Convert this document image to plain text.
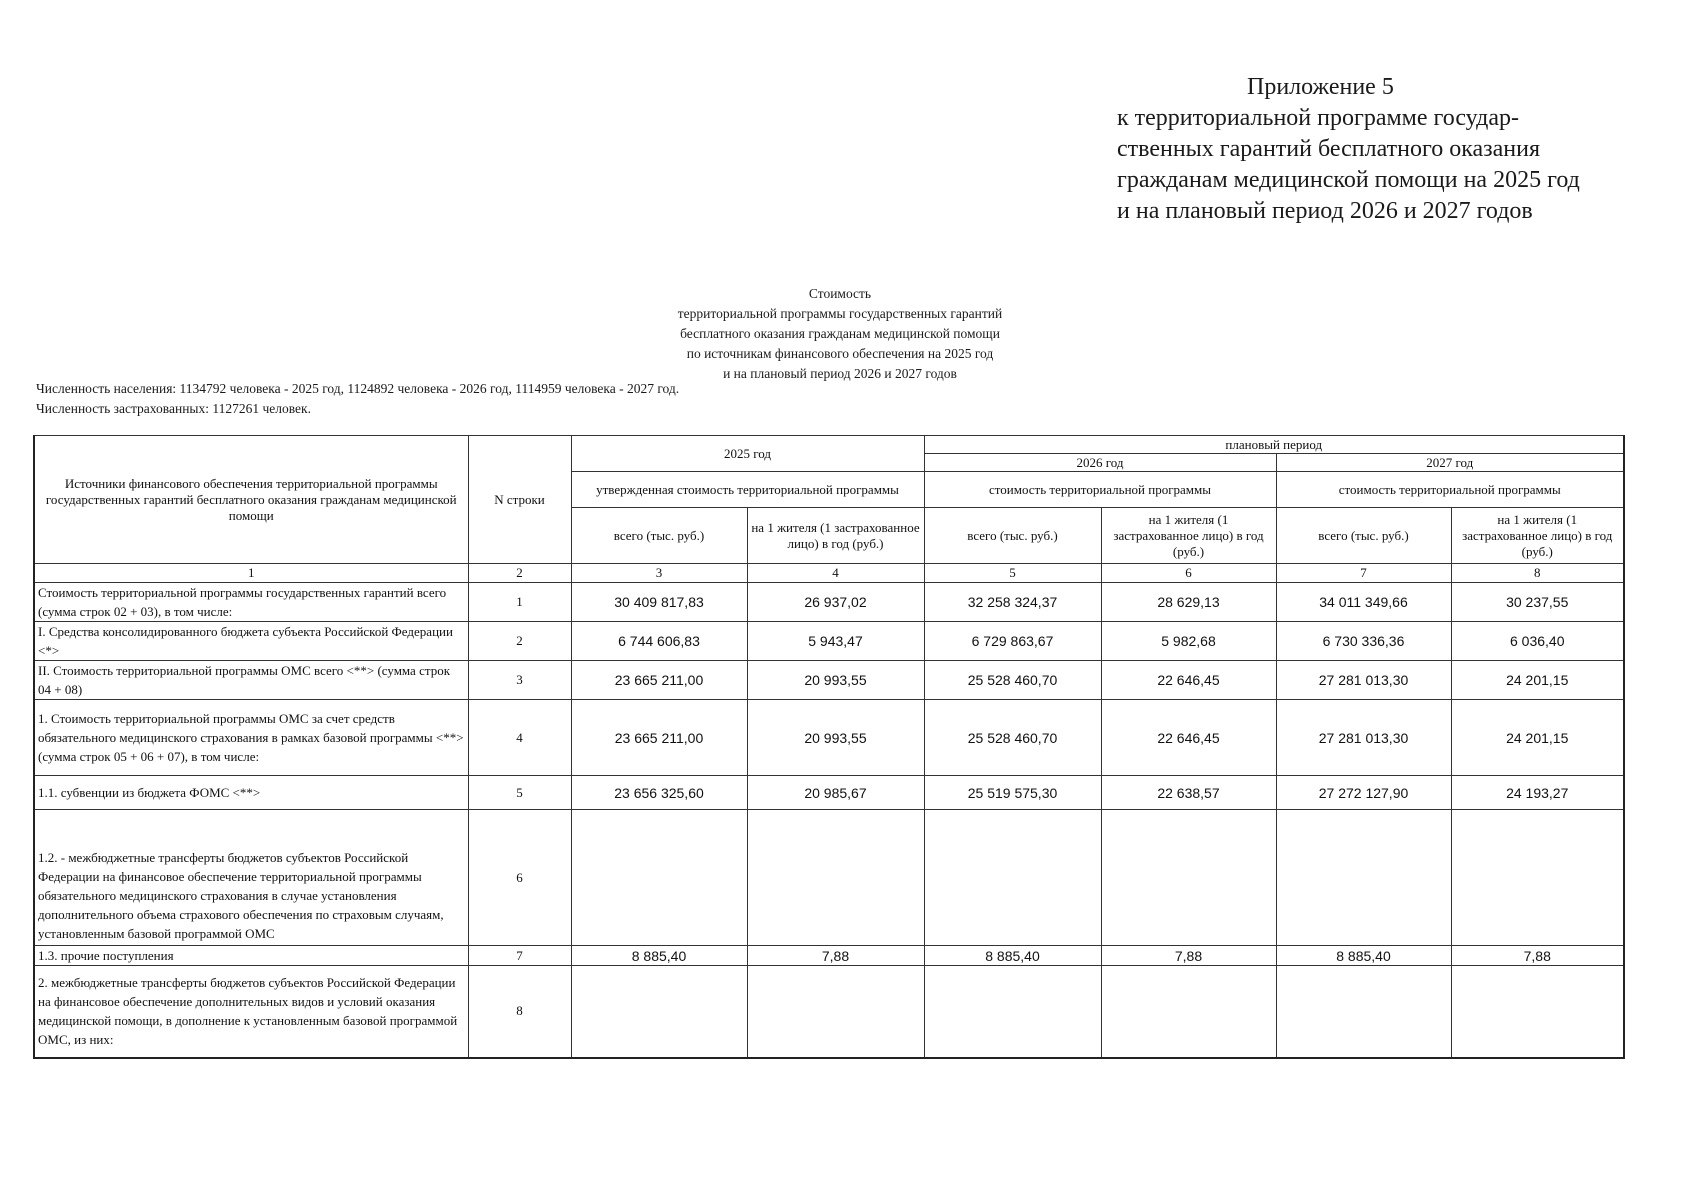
Приложение 5
к территориальной программе государ-
ственных гарантий бесплатного оказания
гражданам медицинской помощи на 2025 год
и на плановый период 2026 и 2027 годов
Стоимость
территориальной программы государственных гарантий
бесплатного оказания гражданам медицинской помощи
по источникам финансового обеспечения на 2025 год
и на плановый период 2026 и 2027 годов
Численность населения: 1134792 человека - 2025 год, 1124892 человека - 2026 год, 1114959 человека - 2027 год.
Численность застрахованных: 1127261 человек.
Источники финансового обеспечения территориальной программы государственных гарантий бесплатного оказания гражданам медицинской помощи	N строки	2025 год		плановый период			
				2026 год		2027 год	
		утвержденная стоимость территориальной программы		стоимость территориальной программы		стоимость территориальной программы	
		всего (тыс. руб.)	на 1 жителя (1 застрахованное лицо) в год (руб.)	всего (тыс. руб.)	на 1 жителя (1 застрахованное лицо) в год (руб.)	всего (тыс. руб.)	на 1 жителя (1 застрахованное лицо) в год (руб.)
1	2	3	4	5	6	7	8
Стоимость территориальной программы государственных гарантий всего (сумма строк 02 + 03), в том числе:	1	30 409 817,83	26 937,02	32 258 324,37	28 629,13	34 011 349,66	30 237,55
I. Средства консолидированного бюджета субъекта Российской Федерации <*>	2	6 744 606,83	5 943,47	6 729 863,67	5 982,68	6 730 336,36	6 036,40
II. Стоимость территориальной программы ОМС всего <**> (сумма строк 04 + 08)	3	23 665 211,00	20 993,55	25 528 460,70	22 646,45	27 281 013,30	24 201,15
1. Стоимость территориальной программы ОМС за счет средств обязательного медицинского страхования в рамках базовой программы <**> (сумма строк 05 + 06 + 07), в том числе:	4	23 665 211,00	20 993,55	25 528 460,70	22 646,45	27 281 013,30	24 201,15
1.1. субвенции из бюджета ФОМС <**>	5	23 656 325,60	20 985,67	25 519 575,30	22 638,57	27 272 127,90	24 193,27
1.2. - межбюджетные трансферты бюджетов субъектов Российской Федерации на финансовое обеспечение территориальной программы обязательного медицинского страхования в случае установления дополнительного объема страхового обеспечения по страховым случаям, установленным базовой программой ОМС	6						
1.3. прочие поступления	7	8 885,40	7,88	8 885,40	7,88	8 885,40	7,88
2. межбюджетные трансферты бюджетов субъектов Российской Федерации на финансовое обеспечение дополнительных видов и условий оказания медицинской помощи, в дополнение к установленным базовой программой ОМС, из них:	8						
